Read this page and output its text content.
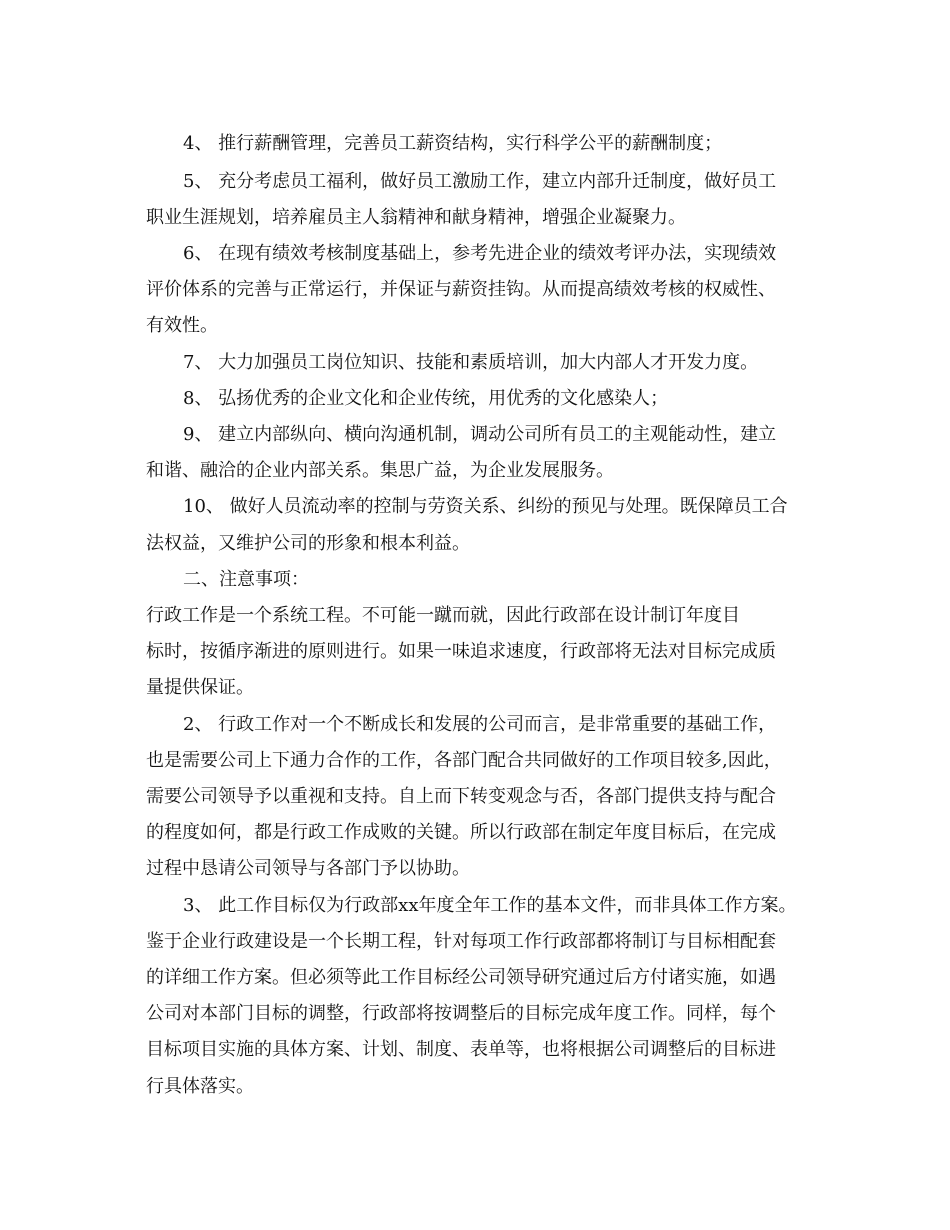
4、 推行薪酬管理，完善员工薪资结构，实行科学公平的薪酬制度；
5、 充分考虑员工福利，做好员工激励工作，建立内部升迁制度，做好员工
职业生涯规划，培养雇员主人翁精神和献身精神，增强企业凝聚力。
6、 在现有绩效考核制度基础上，参考先进企业的绩效考评办法，实现绩效
评价体系的完善与正常运行，并保证与薪资挂钩。从而提高绩效考核的权威性、
有效性。
7、 大力加强员工岗位知识、技能和素质培训，加大内部人才开发力度。
8、 弘扬优秀的企业文化和企业传统，用优秀的文化感染人；
9、 建立内部纵向、横向沟通机制，调动公司所有员工的主观能动性，建立
和谐、融洽的企业内部关系。集思广益，为企业发展服务。
10、 做好人员流动率的控制与劳资关系、纠纷的预见与处理。既保障员工合
法权益，又维护公司的形象和根本利益。
二、注意事项：
行政工作是一个系统工程。不可能一蹴而就，因此行政部在设计制订年度目
标时，按循序渐进的原则进行。如果一味追求速度，行政部将无法对目标完成质
量提供保证。
2、 行政工作对一个不断成长和发展的公司而言，是非常重要的基础工作，
也是需要公司上下通力合作的工作，各部门配合共同做好的工作项目较多,因此，
需要公司领导予以重视和支持。自上而下转变观念与否，各部门提供支持与配合
的程度如何，都是行政工作成败的关键。所以行政部在制定年度目标后，在完成
过程中恳请公司领导与各部门予以协助。
3、 此工作目标仅为行政部xx年度全年工作的基本文件，而非具体工作方案。
鉴于企业行政建设是一个长期工程，针对每项工作行政部都将制订与目标相配套
的详细工作方案。但必须等此工作目标经公司领导研究通过后方付诸实施，如遇
公司对本部门目标的调整，行政部将按调整后的目标完成年度工作。同样，每个
目标项目实施的具体方案、计划、制度、表单等，也将根据公司调整后的目标进
行具体落实。
